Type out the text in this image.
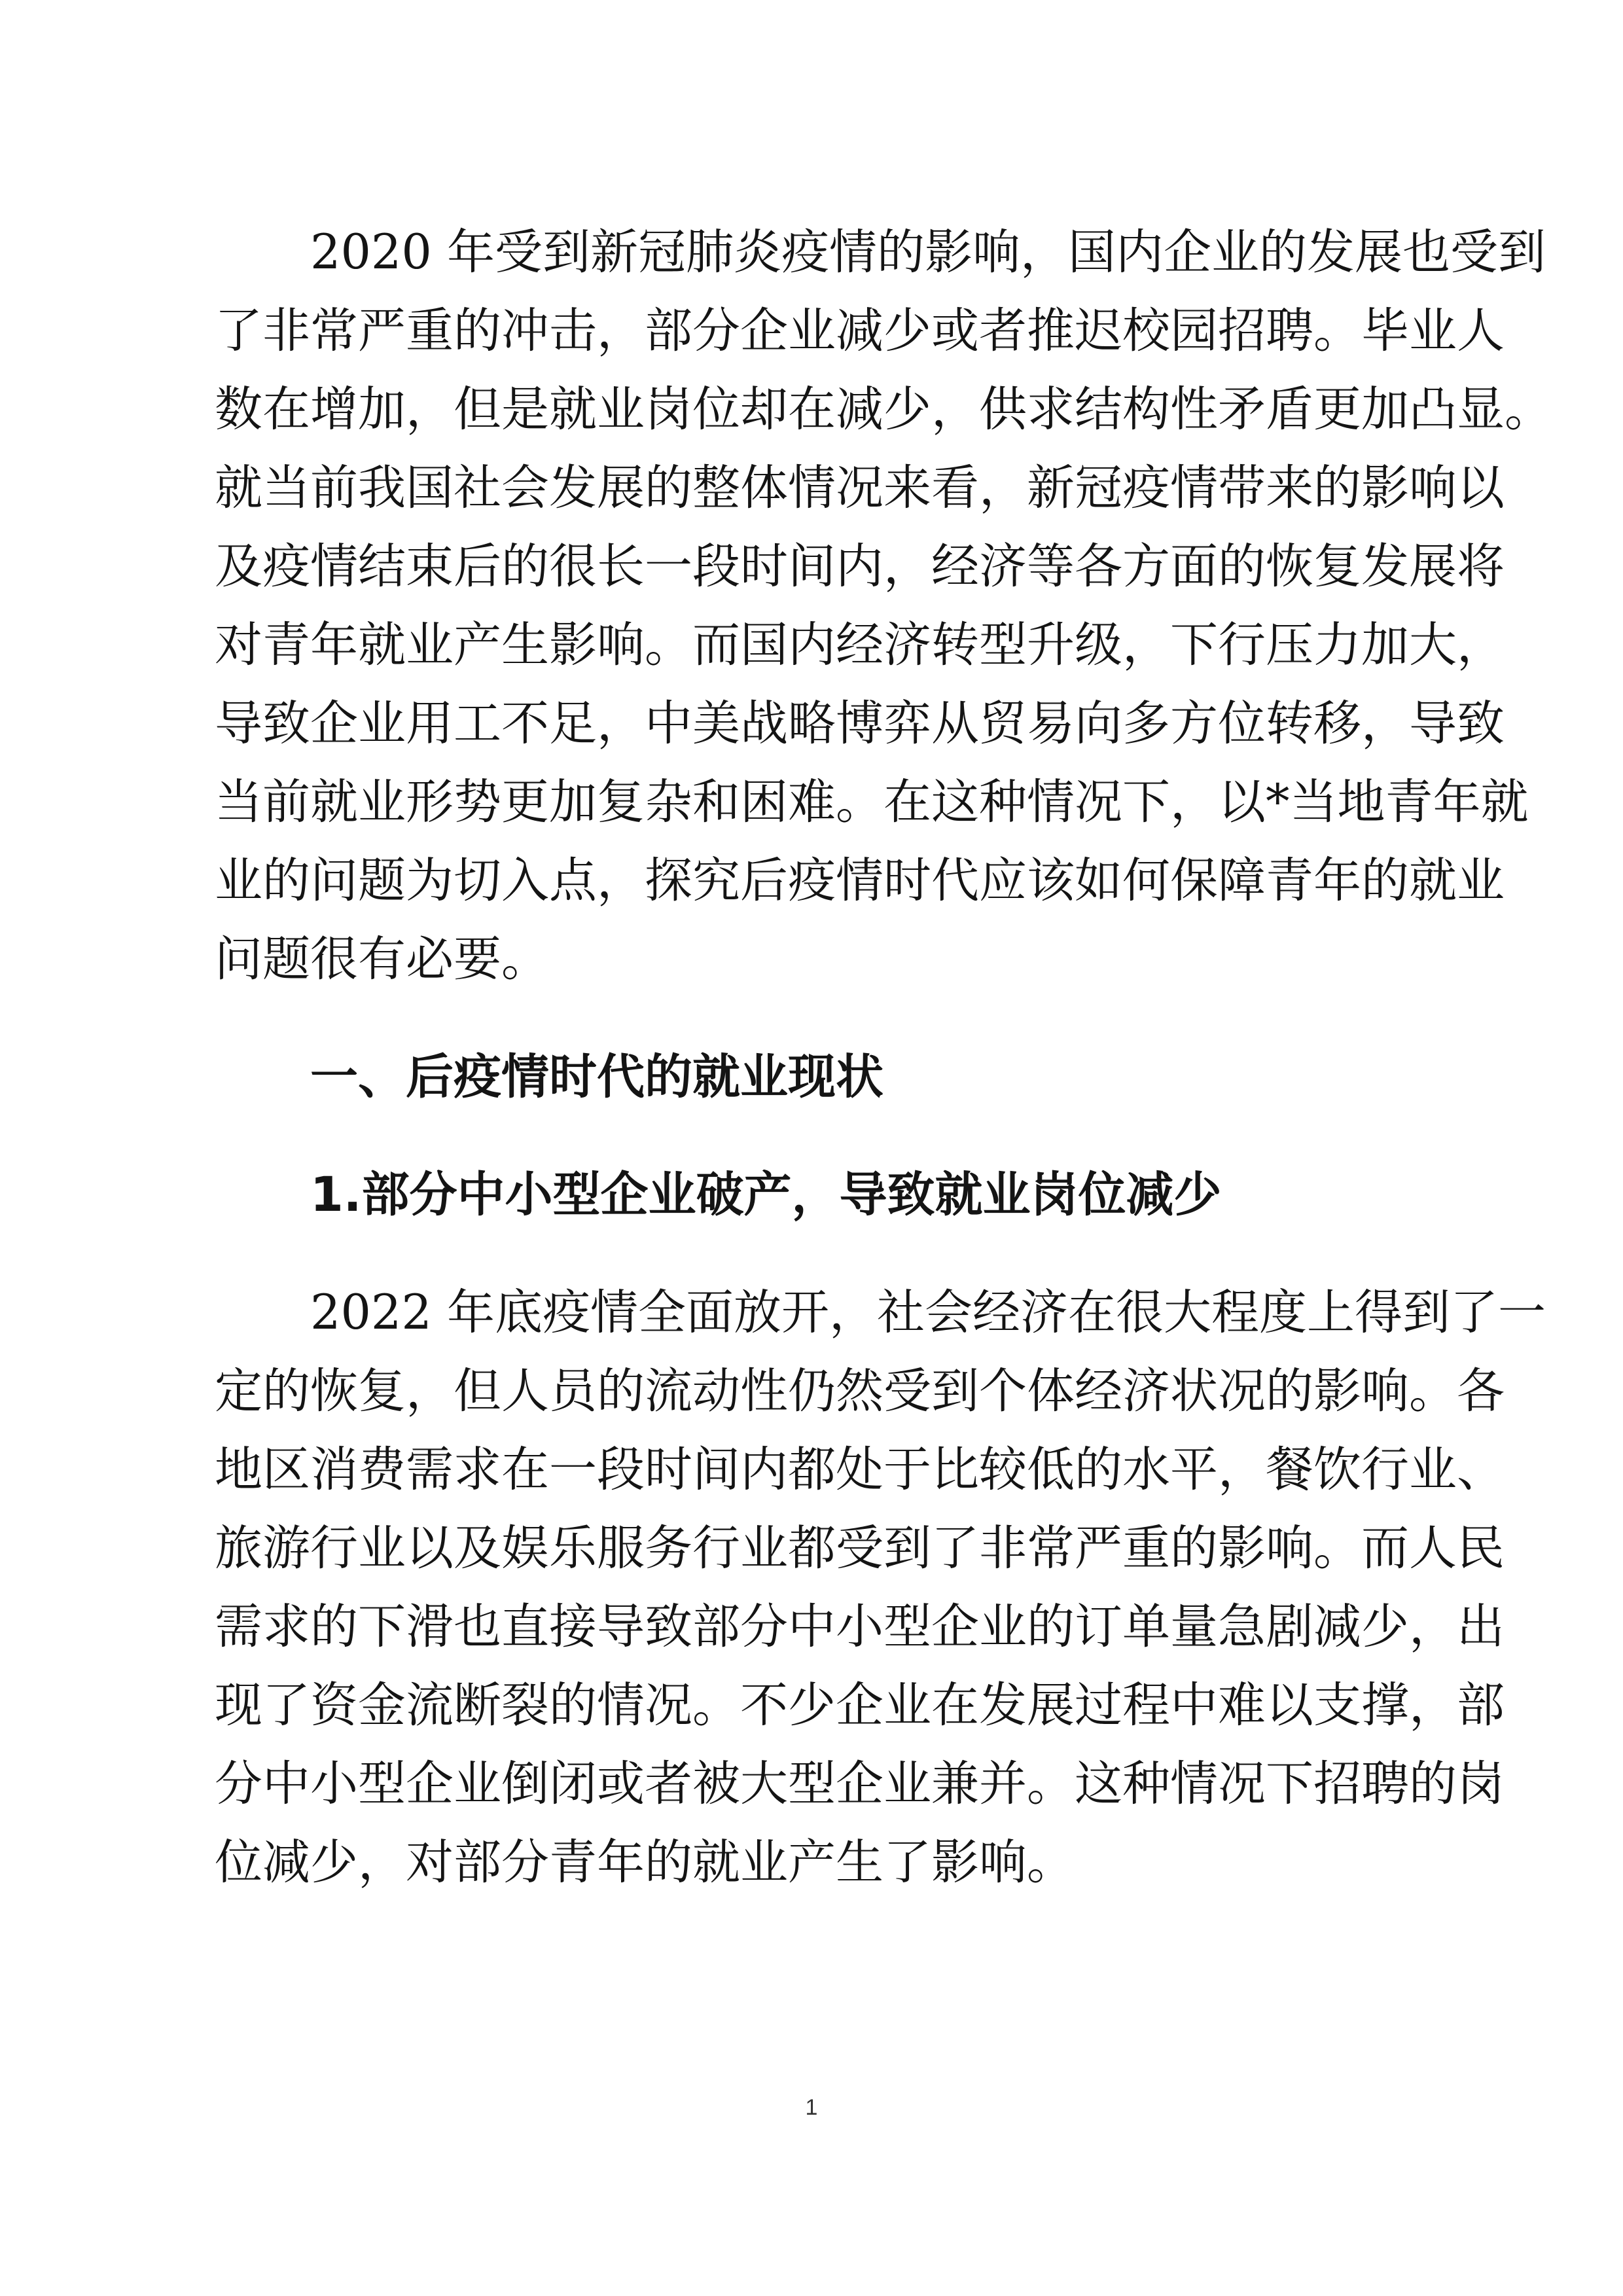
2020 年受到新冠肺炎疫情的影响，国内企业的发展也受到

了非常严重的冲击，部分企业减少或者推迟校园招聘。毕业人

数在增加，但是就业岗位却在减少，供求结构性矛盾更加凸显。

就当前我国社会发展的整体情况来看，新冠疫情带来的影响以

及疫情结束后的很长一段时间内，经济等各方面的恢复发展将

对青年就业产生影响。而国内经济转型升级，下行压力加大，

导致企业用工不足，中美战略博弈从贸易向多方位转移，导致

当前就业形势更加复杂和困难。在这种情况下，以*当地青年就

业的问题为切入点，探究后疫情时代应该如何保障青年的就业

问题很有必要。

一、后疫情时代的就业现状
1.部分中小型企业破产，导致就业岗位减少

2022 年底疫情全面放开，社会经济在很大程度上得到了一

定的恢复，但人员的流动性仍然受到个体经济状况的影响。各

地区消费需求在一段时间内都处于比较低的水平，餐饮行业、

旅游行业以及娱乐服务行业都受到了非常严重的影响。而人民

需求的下滑也直接导致部分中小型企业的订单量急剧减少，出

现了资金流断裂的情况。不少企业在发展过程中难以支撑，部

分中小型企业倒闭或者被大型企业兼并。这种情况下招聘的岗

位减少，对部分青年的就业产生了影响。

1
